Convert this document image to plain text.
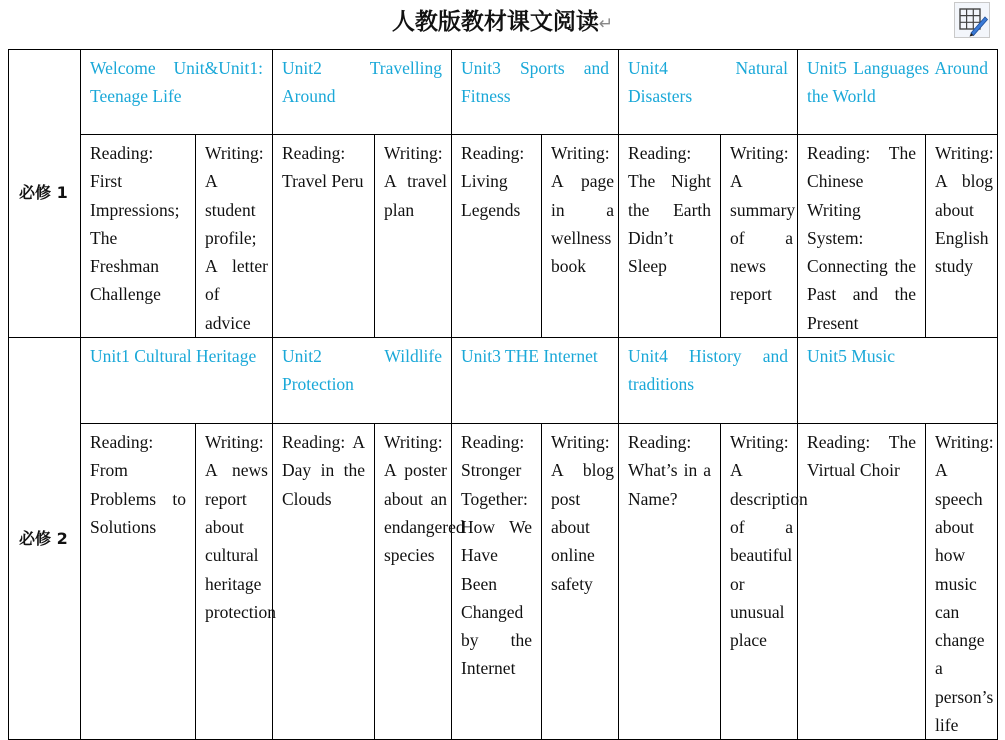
人教版教材课文阅读↵
必修 1	Welcome Unit&Unit1: Teenage Life		Unit2 Travelling Around		Unit3 Sports and Fitness		Unit4 Natural Disasters		Unit5 Languages Around the World	
	Reading: First Impressions; The Freshman Challenge	Writing: A student profile; A letter of advice	Reading: Travel Peru	Writing: A travel plan	Reading: Living Legends	Writing: A page in a wellness book	Reading: The Night the Earth Didn’t Sleep	Writing: A summary of a news report	Reading: The Chinese Writing System: Connecting the Past and the Present	Writing: A blog about English study
必修 2	Unit1 Cultural Heritage		Unit2 Wildlife Protection		Unit3 THE Internet		Unit4 History and traditions		Unit5 Music	
	Reading: From Problems to Solutions	Writing: A news report about cultural heritage protection	Reading: A Day in the Clouds	Writing: A poster about an endangered species	Reading: Stronger Together: How We Have Been Changed by the Internet	Writing: A blog post about online safety	Reading: What’s in a Name?	Writing: A description of a beautiful or unusual place	Reading: The Virtual Choir	Writing: A speech about how music can change a person’s life
